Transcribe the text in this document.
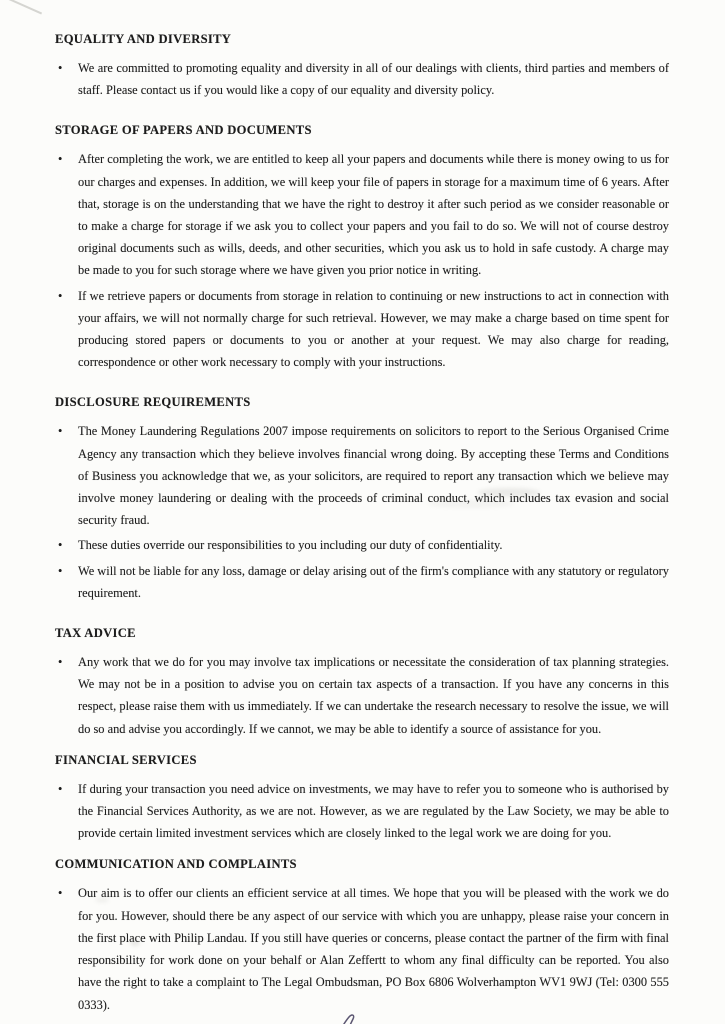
EQUALITY AND DIVERSITY

• We are committed to promoting equality and diversity in all of our dealings with clients, third parties and members of staff. Please contact us if you would like a copy of our equality and diversity policy.

STORAGE OF PAPERS AND DOCUMENTS

• After completing the work, we are entitled to keep all your papers and documents while there is money owing to us for our charges and expenses. In addition, we will keep your file of papers in storage for a maximum time of 6 years. After that, storage is on the understanding that we have the right to destroy it after such period as we consider reasonable or to make a charge for storage if we ask you to collect your papers and you fail to do so. We will not of course destroy original documents such as wills, deeds, and other securities, which you ask us to hold in safe custody. A charge may be made to you for such storage where we have given you prior notice in writing.

• If we retrieve papers or documents from storage in relation to continuing or new instructions to act in connection with your affairs, we will not normally charge for such retrieval. However, we may make a charge based on time spent for producing stored papers or documents to you or another at your request. We may also charge for reading, correspondence or other work necessary to comply with your instructions.

DISCLOSURE REQUIREMENTS

• The Money Laundering Regulations 2007 impose requirements on solicitors to report to the Serious Organised Crime Agency any transaction which they believe involves financial wrong doing. By accepting these Terms and Conditions of Business you acknowledge that we, as your solicitors, are required to report any transaction which we believe may involve money laundering or dealing with the proceeds of criminal conduct, which includes tax evasion and social security fraud.

• These duties override our responsibilities to you including our duty of confidentiality.

• We will not be liable for any loss, damage or delay arising out of the firm's compliance with any statutory or regulatory requirement.

TAX ADVICE

• Any work that we do for you may involve tax implications or necessitate the consideration of tax planning strategies. We may not be in a position to advise you on certain tax aspects of a transaction. If you have any concerns in this respect, please raise them with us immediately. If we can undertake the research necessary to resolve the issue, we will do so and advise you accordingly. If we cannot, we may be able to identify a source of assistance for you.

FINANCIAL SERVICES

• If during your transaction you need advice on investments, we may have to refer you to someone who is authorised by the Financial Services Authority, as we are not. However, as we are regulated by the Law Society, we may be able to provide certain limited investment services which are closely linked to the legal work we are doing for you.

COMMUNICATION AND COMPLAINTS

• Our aim is to offer our clients an efficient service at all times. We hope that you will be pleased with the work we do for you. However, should there be any aspect of our service with which you are unhappy, please raise your concern in the first place with Philip Landau. If you still have queries or concerns, please contact the partner of the firm with final responsibility for work done on your behalf or Alan Zeffertt to whom any final difficulty can be reported. You also have the right to take a complaint to The Legal Ombudsman, PO Box 6806 Wolverhampton WV1 9WJ (Tel: 0300 555 0333).
